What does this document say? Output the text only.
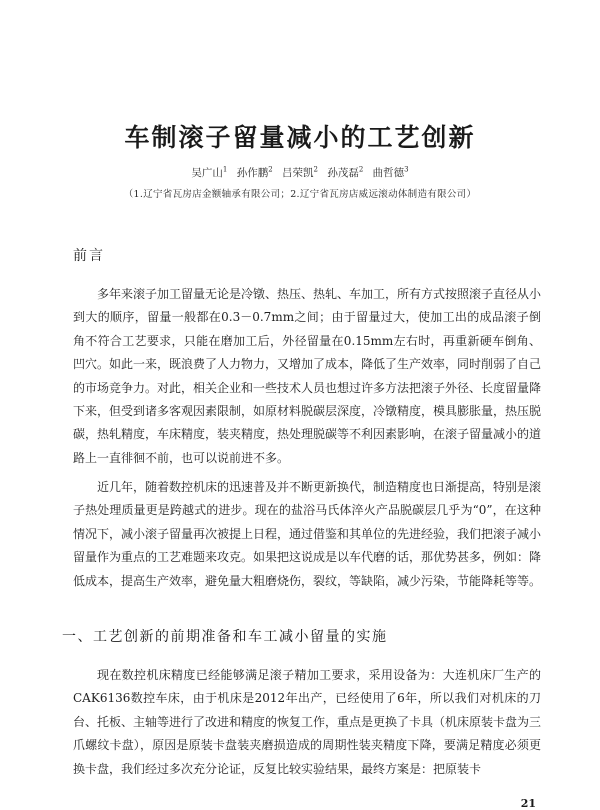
车制滚子留量减小的工艺创新
吴广山$^1$ 孙作鹏$^2$ 吕荣凯$^2$ 孙茂磊$^2$ 曲哲德$^3$
（1.辽宁省瓦房店金额轴承有限公司；2.辽宁省瓦房店威远滚动体制造有限公司）
前言

多年来滚子加工留量无论是冷镦、热压、热轧、车加工，所有方式按照滚子直径从小到大的顺序，留量一般都在0.3－0.7mm之间；由于留量过大，使加工出的成品滚子倒角不符合工艺要求，只能在磨加工后，外径留量在0.15mm左右时，再重新硬车倒角、凹穴。如此一来，既浪费了人力物力，又增加了成本，降低了生产效率，同时削弱了自己的市场竞争力。对此，相关企业和一些技术人员也想过许多方法把滚子外径、长度留量降下来，但受到诸多客观因素限制，如原材料脱碳层深度，冷镦精度，模具膨胀量，热压脱碳，热轧精度，车床精度，装夹精度，热处理脱碳等不利因素影响，在滚子留量减小的道路上一直徘徊不前，也可以说前进不多。

近几年，随着数控机床的迅速普及并不断更新换代，制造精度也日渐提高，特别是滚子热处理质量更是跨越式的进步。现在的盐浴马氏体淬火产品脱碳层几乎为“0”，在这种情况下，减小滚子留量再次被提上日程，通过借鉴和其单位的先进经验，我们把滚子减小留量作为重点的工艺难题来攻克。如果把这说成是以车代磨的话，那优势甚多，例如：降低成本，提高生产效率，避免量大粗磨烧伤，裂纹，等缺陷，减少污染，节能降耗等等。

一、工艺创新的前期准备和车工减小留量的实施

现在数控机床精度已经能够满足滚子精加工要求，采用设备为：大连机床厂生产的CAK6136数控车床，由于机床是2012年出产，已经使用了6年，所以我们对机床的刀台、托板、主轴等进行了改进和精度的恢复工作，重点是更换了卡具（机床原装卡盘为三爪螺纹卡盘），原因是原装卡盘装夹磨损造成的周期性装夹精度下降，要满足精度必须更换卡盘，我们经过多次充分论证，反复比较实验结果，最终方案是：把原装卡

21
